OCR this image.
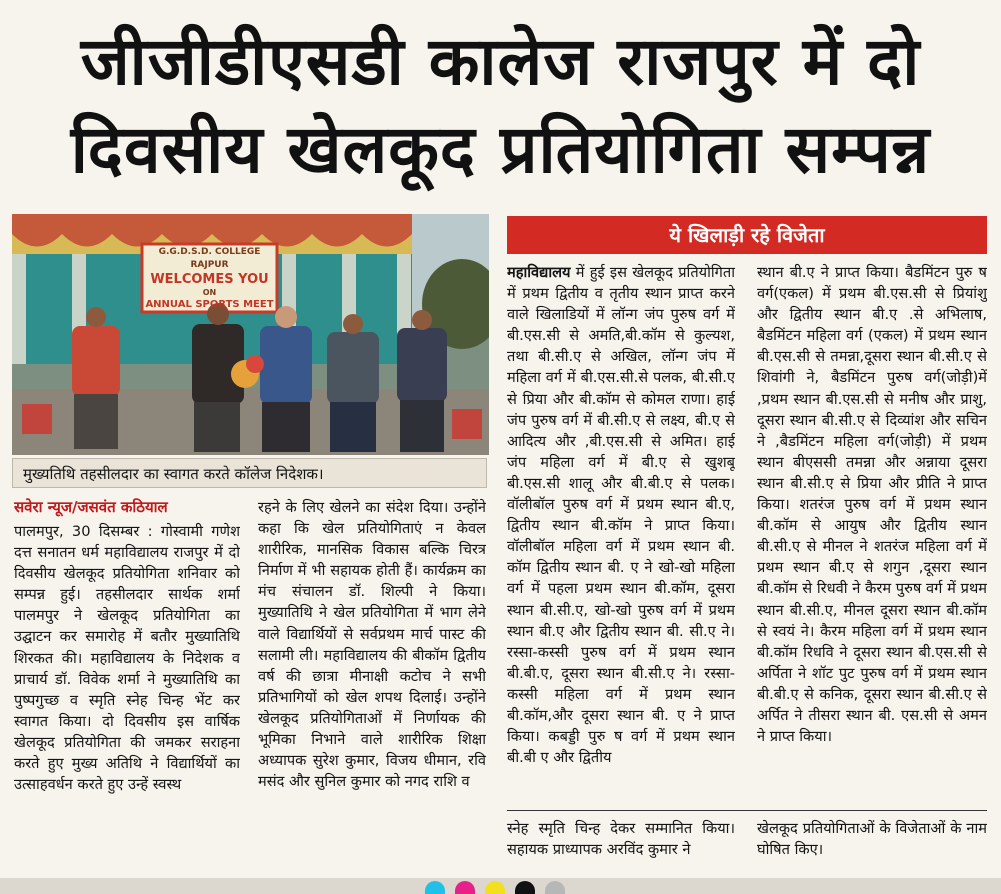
जीजीडीएसडी कालेज राजपुर में दो
दिवसीय खेलकूद प्रतियोगिता सम्पन्न
G.G.D.S.D. COLLEGE
RAJPUR
WELCOMES YOU
ON
ANNUAL SPORTS MEET
मुख्यतिथि तहसीलदार का स्वागत करते कॉलेज निदेशक।
ये खिलाड़ी रहे विजेता
सवेरा न्यूज/जसवंत कठियाल

पालमपुर, 30 दिसम्बर : गोस्वामी गणेश दत्त सनातन धर्म महाविद्यालय राजपुर में दो दिवसीय खेलकूद प्रतियोगिता शनिवार को सम्पन्न हुई। तहसीलदार सार्थक शर्मा पालमपुर ने खेलकूद प्रतियोगिता का उद्घाटन कर समारोह में बतौर मुख्यातिथि शिरकत की। महाविद्यालय के निदेशक व प्राचार्य डॉ. विवेक शर्मा ने मुख्यातिथि का पुष्पगुच्छ व स्मृति स्नेह चिन्ह भेंट कर स्वागत किया। दो दिवसीय इस वार्षिक खेलकूद प्रतियोगिता की जमकर सराहना करते हुए मुख्य अतिथि ने विद्यार्थियों का उत्साहवर्धन करते हुए उन्हें स्वस्थ

रहने के लिए खेलने का संदेश दिया। उन्होंने कहा कि खेल प्रतियोगिताएं न केवल शारीरिक, मानसिक विकास बल्कि चिरत्र निर्माण में भी सहायक होती हैं। कार्यक्रम का मंच संचालन डॉ. शिल्पी ने किया। मुख्यातिथि ने खेल प्रतियोगिता में भाग लेने वाले विद्यार्थियों से सर्वप्रथम मार्च पास्ट की सलामी ली। महाविद्यालय की बीकॉम द्वितीय वर्ष की छात्रा मीनाक्षी कटोच ने सभी प्रतिभागियों को खेल शपथ दिलाई। उन्होंने खेलकूद प्रतियोगिताओं में निर्णायक की भूमिका निभाने वाले शारीरिक शिक्षा अध्यापक सुरेश कुमार, विजय धीमान, रवि मसंद और सुनिल कुमार को नगद राशि व

महाविद्यालय में हुई इस खेलकूद प्रतियोगिता में प्रथम द्वितीय व तृतीय स्थान प्राप्त करने वाले खिलाडियों में लॉन्ग जंप पुरुष वर्ग में बी.एस.सी से अमति,बी.कॉम से कुल्यश, तथा बी.सी.ए से अखिल, लॉन्ग जंप में महिला वर्ग में बी.एस.सी.से पलक, बी.सी.ए से प्रिया और बी.कॉम से कोमल राणा। हाई जंप पुरुष वर्ग में बी.सी.ए से लक्ष्य, बी.ए से आदित्य और ,बी.एस.सी से अमित। हाई जंप महिला वर्ग में बी.ए से खुशबू बी.एस.सी शालू और बी.बी.ए से पलक। वॉलीबॉल पुरुष वर्ग में प्रथम स्थान बी.ए, द्वितीय स्थान बी.कॉम ने प्राप्त किया। वॉलीबॉल महिला वर्ग में प्रथम स्थान बी. कॉम द्वितीय स्थान बी. ए ने खो-खो महिला वर्ग में पहला प्रथम स्थान बी.कॉम, दूसरा स्थान बी.सी.ए, खो-खो पुरुष वर्ग में प्रथम स्थान बी.ए और द्वितीय स्थान बी. सी.ए ने। रस्सा-कस्सी पुरुष वर्ग में प्रथम स्थान बी.बी.ए, दूसरा स्थान बी.सी.ए ने। रस्सा-कस्सी महिला वर्ग में प्रथम स्थान बी.कॉम,और दूसरा स्थान बी. ए ने प्राप्त किया। कबड्डी पुरु ष वर्ग में प्रथम स्थान बी.बी ए और द्वितीय

स्थान बी.ए ने प्राप्त किया। बैडमिंटन पुरु ष वर्ग(एकल) में प्रथम बी.एस.सी से प्रियांशु और द्वितीय स्थान बी.ए .से अभिलाष, बैडमिंटन महिला वर्ग (एकल) में प्रथम स्थान बी.एस.सी से तमन्ना,दूसरा स्थान बी.सी.ए से शिवांगी ने, बैडमिंटन पुरुष वर्ग(जोड़ी)में ,प्रथम स्थान बी.एस.सी से मनीष और प्राशु, दूसरा स्थान बी.सी.ए से दिव्यांश और सचिन ने ,बैडमिंटन महिला वर्ग(जोड़ी) में प्रथम स्थान बीएससी तमन्ना और अन्नाया दूसरा स्थान बी.सी.ए से प्रिया और प्रीति ने प्राप्त किया। शतरंज पुरुष वर्ग में प्रथम स्थान बी.कॉम से आयुष और द्वितीय स्थान बी.सी.ए से मीनल ने शतरंज महिला वर्ग में प्रथम स्थान बी.ए से शगुन ,दूसरा स्थान बी.कॉम से रिधवी ने कैरम पुरुष वर्ग में प्रथम स्थान बी.सी.ए, मीनल दूसरा स्थान बी.कॉम से स्वयं ने। कैरम महिला वर्ग में प्रथम स्थान बी.कॉम रिधवि ने दूसरा स्थान बी.एस.सी से अर्पिता ने शॉट पुट पुरुष वर्ग में प्रथम स्थान बी.बी.ए से कनिक, दूसरा स्थान बी.सी.ए से अर्पित ने तीसरा स्थान बी. एस.सी से अमन ने प्राप्त किया।

स्नेह स्मृति चिन्ह देकर सम्मानित किया। सहायक प्राध्यापक अरविंद कुमार ने

खेलकूद प्रतियोगिताओं के विजेताओं के नाम घोषित किए।
